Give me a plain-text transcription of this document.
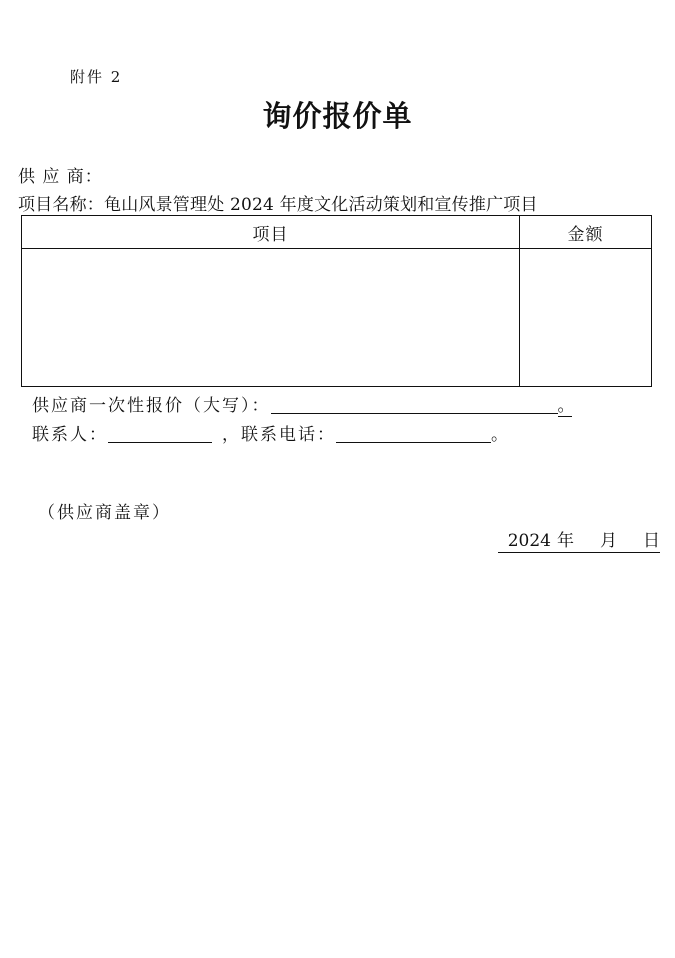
附件 2
询价报价单
供 应 商：
项目名称：龟山风景管理处 2024 年度文化活动策划和宣传推广项目
项目	金额

供应商一次性报价（大写）：	。
联系人：	，联系电话：	。
（供应商盖章）
2024 年 月 日
